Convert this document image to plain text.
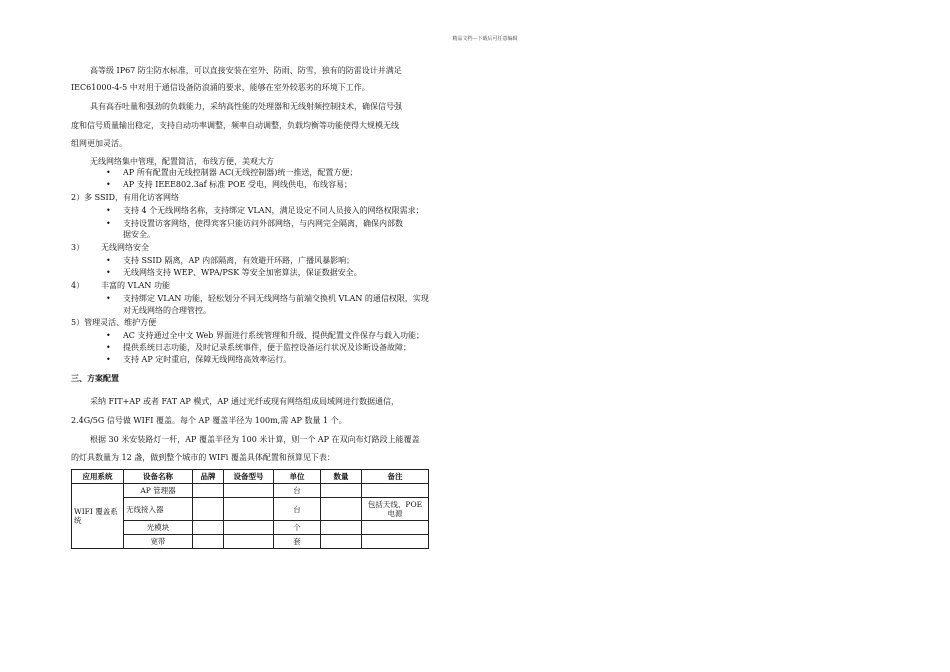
精品文档---下载后可任意编辑
高等级 IP67 防尘防水标准，可以直接安装在室外、防雨、防雪，独有的防雷设计并满足
IEC61000-4-5 中对用于通信设备防浪涌的要求，能够在室外较恶劣的环境下工作。
具有高吞吐量和强劲的负载能力，采纳高性能的处理器和无线射频控制技术，确保信号强
度和信号质量输出稳定，支持自动功率调整，频率自动调整，负载均衡等功能使得大规模无线
组网更加灵活。
无线网络集中管理，配置简洁，布线方便，美观大方
• AP 所有配置由无线控制器 AC(无线控制器)统一推送，配置方便；
• AP 支持 IEEE802.3af 标准 POE 受电，网线供电，布线容易；
2）多 SSID，有用化访客网络
• 支持 4 个无线网络名称，支持绑定 VLAN，满足设定不同人员接入的网络权限需求；
• 支持设置访客网络，使得宾客只能访问外部网络，与内网完全隔离，确保内部数
据安全。
3） 无线网络安全
• 支持 SSID 隔离，AP 内部隔离，有效避开环路，广播风暴影响；
• 无线网络支持 WEP、WPA/PSK 等安全加密算法，保证数据安全。
4） 丰富的 VLAN 功能
• 支持绑定 VLAN 功能，轻松划分不同无线网络与前端交换机 VLAN 的通信权限，实现
对无线网络的合理管控。
5）管理灵活、维护方便
• AC 支持通过全中文 Web 界面进行系统管理和升级、提供配置文件保存与载入功能；
• 提供系统日志功能，及时记录系统事件，便于监控设备运行状况及诊断设备故障；
• 支持 AP 定时重启，保障无线网络高效率运行。
三、方案配置
采纳 FIT+AP 或者 FAT AP 模式，AP 通过光纤或现有网络组成局域网进行数据通信，
2.4G/5G 信号做 WIFI 覆盖。每个 AP 覆盖半径为 100m,需 AP 数量 1 个。
根据 30 米安装路灯一杆，AP 覆盖半径为 100 米计算，则一个 AP 在双向布灯路段上能覆盖
的灯具数量为 12 盏，做到整个城市的 WIFi 覆盖具体配置和预算见下表：
应用系统	设备名称	品牌	设备型号	单位	数量	备注
WIFI 覆盖系统	AP 管理器			台		
	无线接入器			台		包括天线、POE 电源
	光模块			个		
	宽带			套		
